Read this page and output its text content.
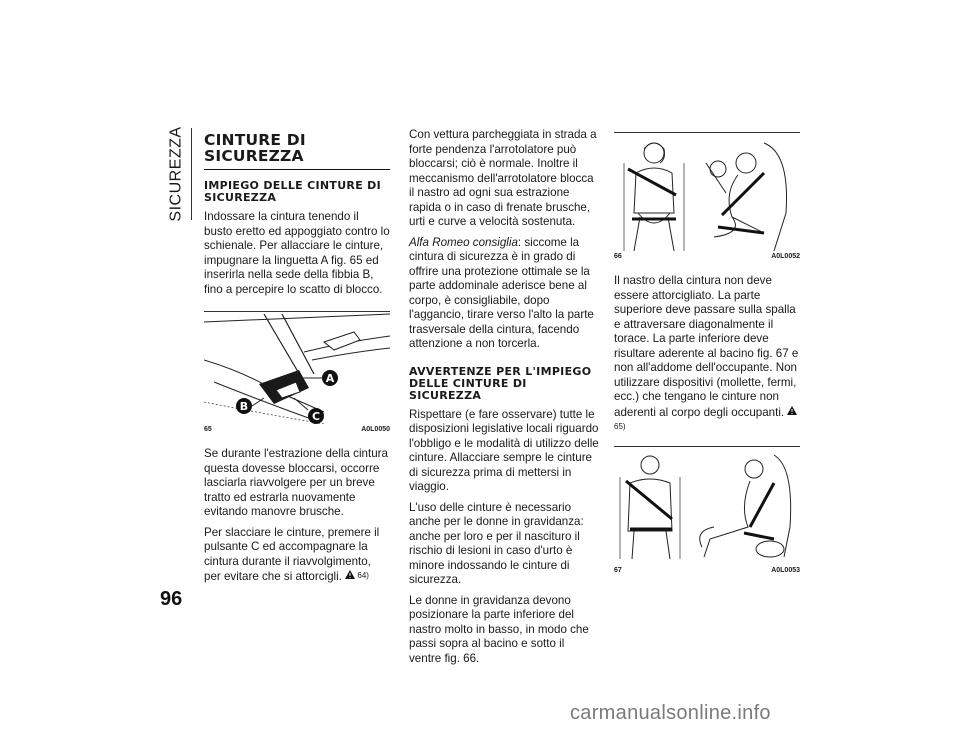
SICUREZZA
96
CINTURE DI SICUREZZA
IMPIEGO DELLE CINTURE DI SICUREZZA

Indossare la cintura tenendo il busto eretto ed appoggiato contro lo schienale. Per allacciare le cinture, impugnare la linguetta A fig. 65 ed inserirla nella sede della fibbia B, fino a percepire lo scatto di blocco.

A
B
C
65	A0L0050

Se durante l'estrazione della cintura questa dovesse bloccarsi, occorre lasciarla riavvolgere per un breve tratto ed estrarla nuovamente evitando manovre brusche.

Per slacciare le cinture, premere il pulsante C ed accompagnare la cintura durante il riavvolgimento, per evitare che si attorcigli. 64)

Con vettura parcheggiata in strada a forte pendenza l'arrotolatore può bloccarsi; ciò è normale. Inoltre il meccanismo dell'arrotolatore blocca il nastro ad ogni sua estrazione rapida o in caso di frenate brusche, urti e curve a velocità sostenuta.

Alfa Romeo consiglia: siccome la cintura di sicurezza è in grado di offrire una protezione ottimale se la parte addominale aderisce bene al corpo, è consigliabile, dopo l'aggancio, tirare verso l'alto la parte trasversale della cintura, facendo attenzione a non torcerla.

AVVERTENZE PER L'IMPIEGO DELLE CINTURE DI SICUREZZA

Rispettare (e fare osservare) tutte le disposizioni legislative locali riguardo l'obbligo e le modalità di utilizzo delle cinture. Allacciare sempre le cinture di sicurezza prima di mettersi in viaggio.

L'uso delle cinture è necessario anche per le donne in gravidanza: anche per loro e per il nascituro il rischio di lesioni in caso d'urto è minore indossando le cinture di sicurezza.

Le donne in gravidanza devono posizionare la parte inferiore del nastro molto in basso, in modo che passi sopra al bacino e sotto il ventre fig. 66.

66	A0L0052

Il nastro della cintura non deve essere attorcigliato. La parte superiore deve passare sulla spalla e attraversare diagonalmente il torace. La parte inferiore deve risultare aderente al bacino fig. 67 e non all'addome dell'occupante. Non utilizzare dispositivi (mollette, fermi, ecc.) che tengano le cinture non aderenti al corpo degli occupanti.  65)

67	A0L0053
carmanualsonline.info
